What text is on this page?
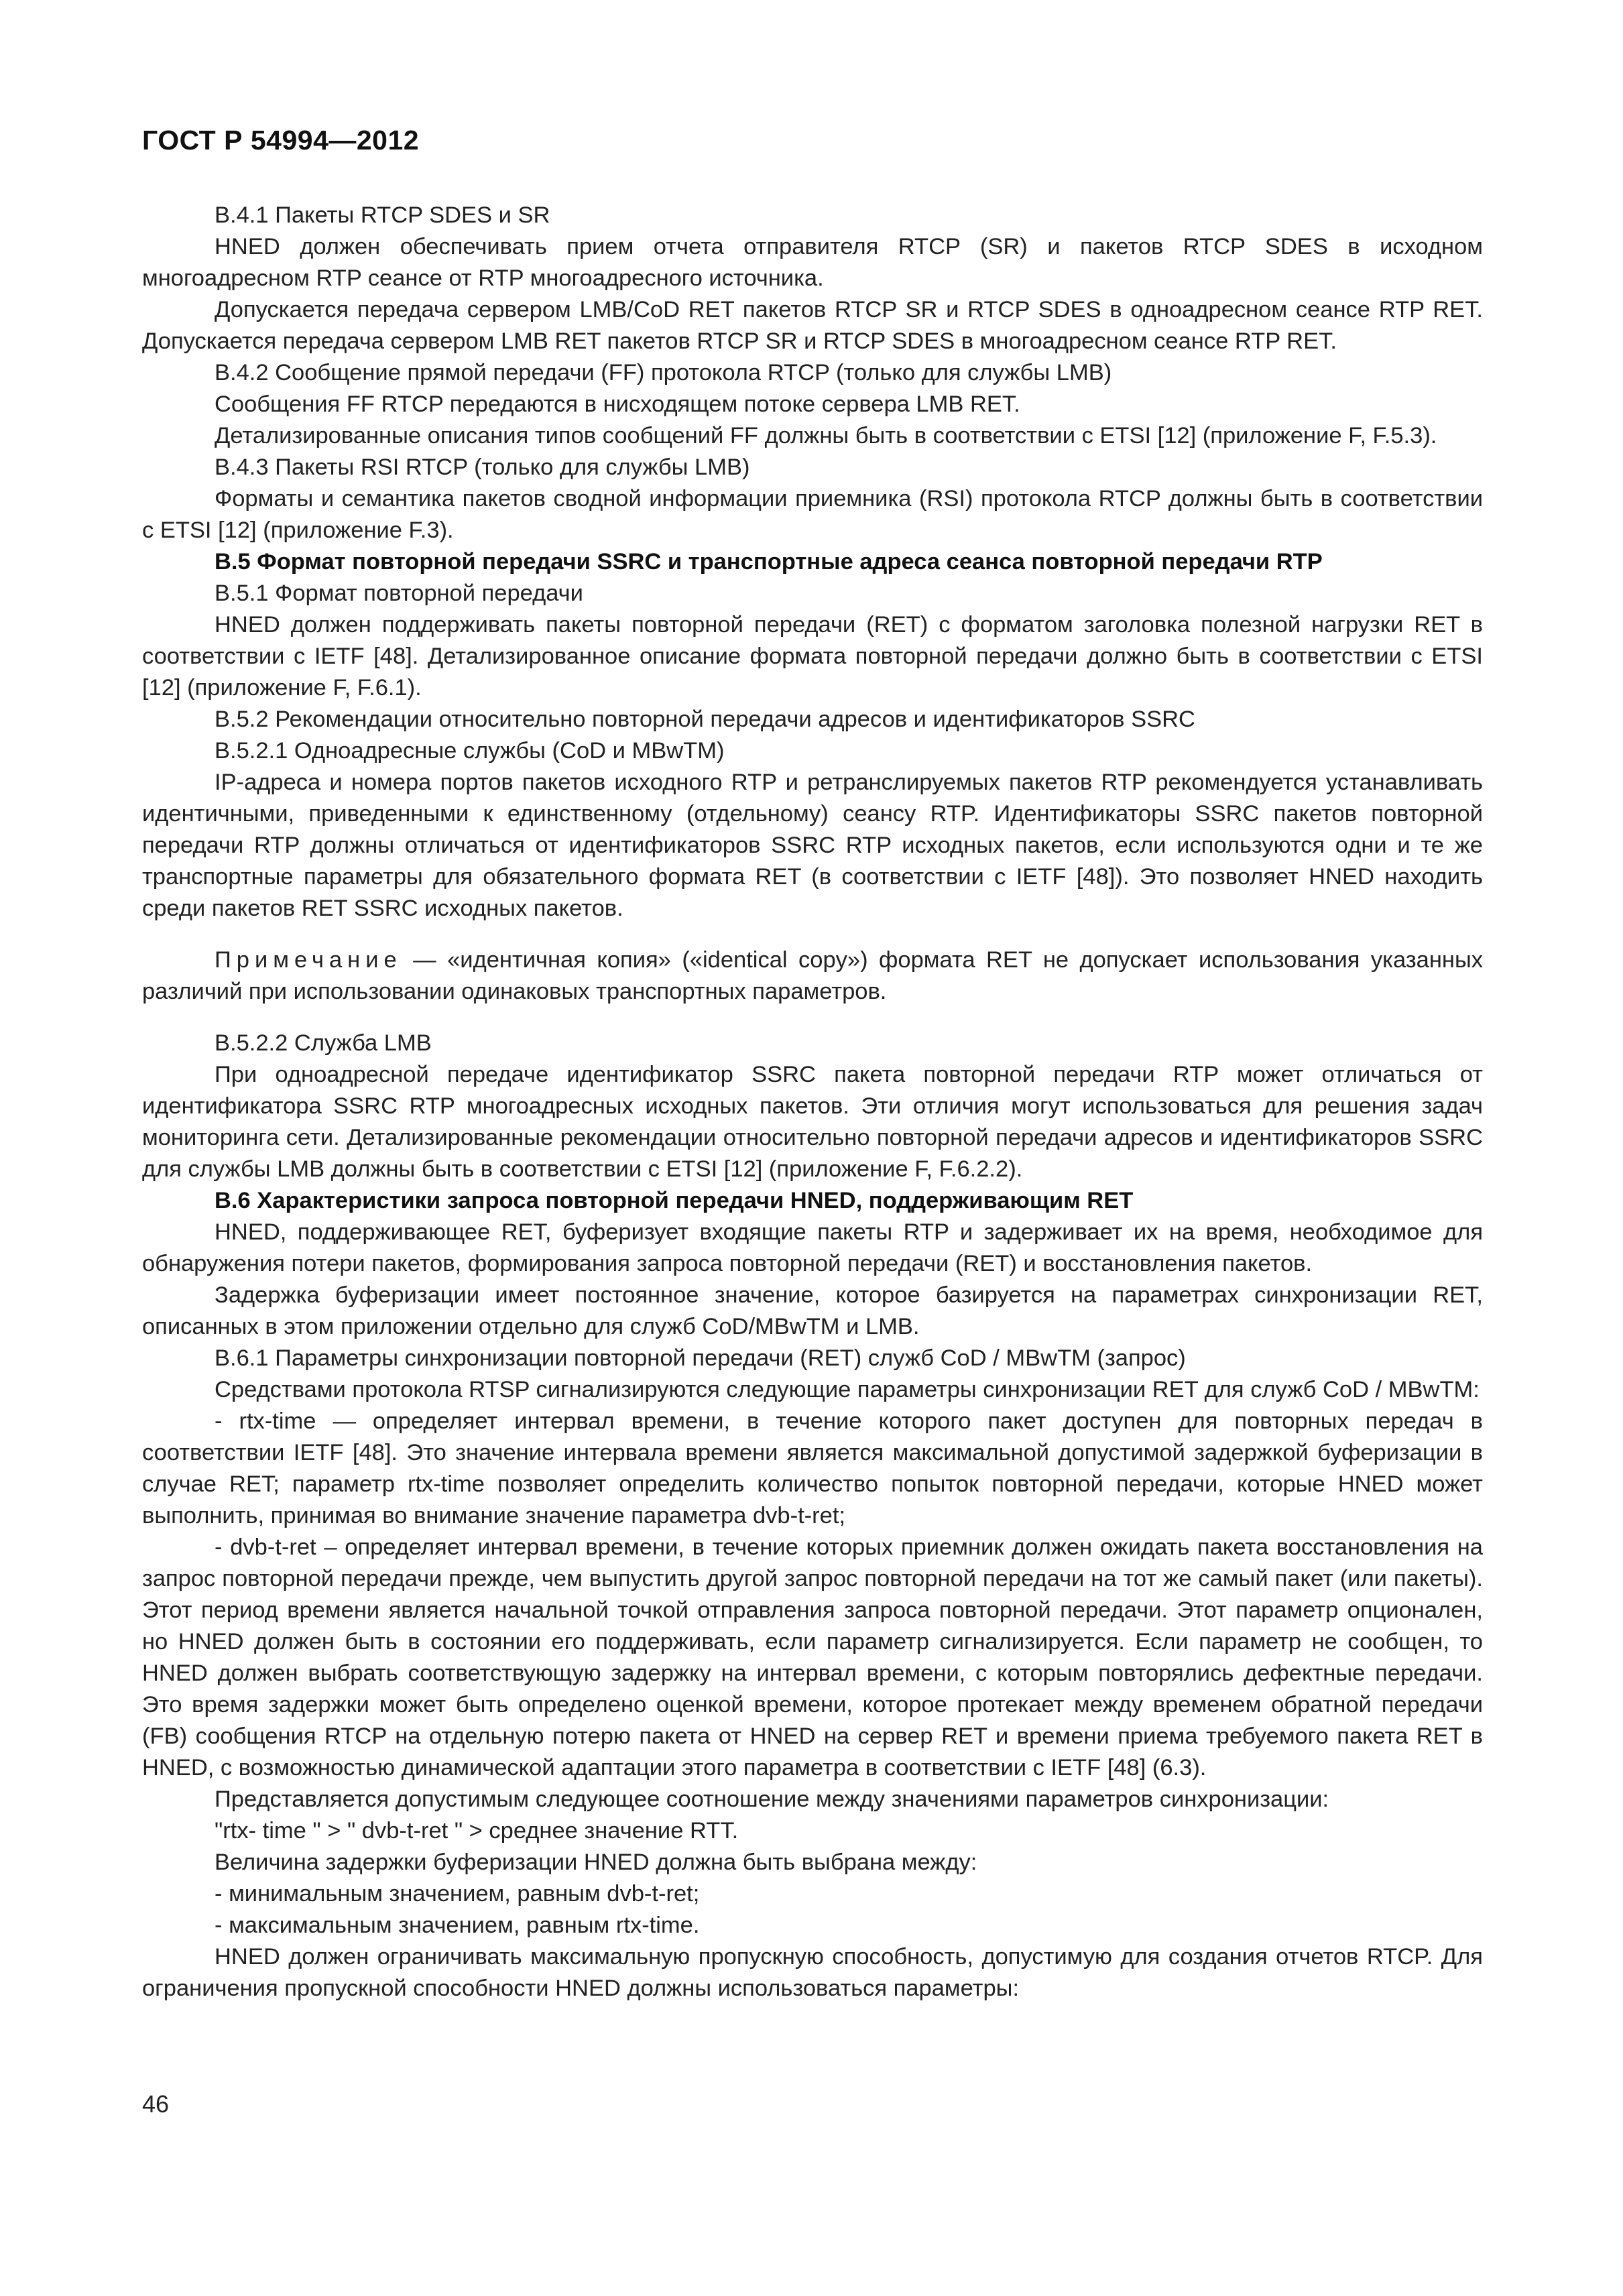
ГОСТ Р 54994—2012

В.4.1 Пакеты RTCP SDES и SR

HNED должен обеспечивать прием отчета отправителя RTCP (SR) и пакетов RTCP SDES в исходном многоадресном RTP сеансе от RTP многоадресного источника.

Допускается передача сервером LMB/CoD RET пакетов RTCP SR и RTCP SDES в одноадресном сеансе RTP RET. Допускается передача сервером LMB RET пакетов RTCP SR и RTCP SDES в многоадресном сеансе RTP RET.

В.4.2 Сообщение прямой передачи (FF) протокола RTCP (только для службы LMB)

Сообщения FF RTCP передаются в нисходящем потоке сервера LMB RET.

Детализированные описания типов сообщений FF должны быть в соответствии с ETSI [12] (приложение F, F.5.3).

В.4.3 Пакеты RSI RTCP (только для службы LMB)

Форматы и семантика пакетов сводной информации приемника (RSI) протокола RTCP должны быть в соответствии с ETSI [12] (приложение F.3).

В.5 Формат повторной передачи SSRC и транспортные адреса сеанса повторной передачи RTP

В.5.1 Формат повторной передачи

HNED должен поддерживать пакеты повторной передачи (RET) с форматом заголовка полезной нагрузки RET в соответствии с IETF [48]. Детализированное описание формата повторной передачи должно быть в соответствии с ETSI [12] (приложение F, F.6.1).

В.5.2 Рекомендации относительно повторной передачи адресов и идентификаторов SSRC

В.5.2.1 Одноадресные службы (CoD и MBwTM)

IP-адреса и номера портов пакетов исходного RTP и ретранслируемых пакетов RTP рекомендуется устанавливать идентичными, приведенными к единственному (отдельному) сеансу RTP. Идентификаторы SSRC пакетов повторной передачи RTP должны отличаться от идентификаторов SSRC RTP исходных пакетов, если используются одни и те же транспортные параметры для обязательного формата RET (в соответствии с IETF [48]). Это позволяет HNED находить среди пакетов RET SSRC исходных пакетов.

Примечание — «идентичная копия» («identical copy») формата RET не допускает использования указанных различий при использовании одинаковых транспортных параметров.

В.5.2.2 Служба LMB

При одноадресной передаче идентификатор SSRC пакета повторной передачи RTP может отличаться от идентификатора SSRC RTP многоадресных исходных пакетов. Эти отличия могут использоваться для решения задач мониторинга сети. Детализированные рекомендации относительно повторной передачи адресов и идентификаторов SSRC для службы LMB должны быть в соответствии с ETSI [12] (приложение F, F.6.2.2).

В.6 Характеристики запроса повторной передачи HNED, поддерживающим RET

HNED, поддерживающее RET, буферизует входящие пакеты RTP и задерживает их на время, необходимое для обнаружения потери пакетов, формирования запроса повторной передачи (RET) и восстановления пакетов.

Задержка буферизации имеет постоянное значение, которое базируется на параметрах синхронизации RET, описанных в этом приложении отдельно для служб CoD/MBwTM и LMB.

В.6.1 Параметры синхронизации повторной передачи (RET) служб CoD / MBwTM (запрос)

Средствами протокола RTSP сигнализируются следующие параметры синхронизации RET для служб CoD / MBwTM:

- rtx-time — определяет интервал времени, в течение которого пакет доступен для повторных передач в соответствии IETF [48]. Это значение интервала времени является максимальной допустимой задержкой буферизации в случае RET; параметр rtx-time позволяет определить количество попыток повторной передачи, которые HNED может выполнить, принимая во внимание значение параметра dvb-t-ret;

- dvb-t-ret – определяет интервал времени, в течение которых приемник должен ожидать пакета восстановления на запрос повторной передачи прежде, чем выпустить другой запрос повторной передачи на тот же самый пакет (или пакеты). Этот период времени является начальной точкой отправления запроса повторной передачи. Этот параметр опционален, но HNED должен быть в состоянии его поддерживать, если параметр сигнализируется. Если параметр не сообщен, то HNED должен выбрать соответствующую задержку на интервал времени, с которым повторялись дефектные передачи. Это время задержки может быть определено оценкой времени, которое протекает между временем обратной передачи (FB) сообщения RTCP на отдельную потерю пакета от HNED на сервер RET и времени приема требуемого пакета RET в HNED, с возможностью динамической адаптации этого параметра в соответствии с IETF [48] (6.3).

Представляется допустимым следующее соотношение между значениями параметров синхронизации:

"rtx- time " > " dvb-t-ret " > среднее значение RTT.

Величина задержки буферизации HNED должна быть выбрана между:

- минимальным значением, равным dvb-t-ret;

- максимальным значением, равным rtx-time.

HNED должен ограничивать максимальную пропускную способность, допустимую для создания отчетов RTCP. Для ограничения пропускной способности HNED должны использоваться параметры:

46
